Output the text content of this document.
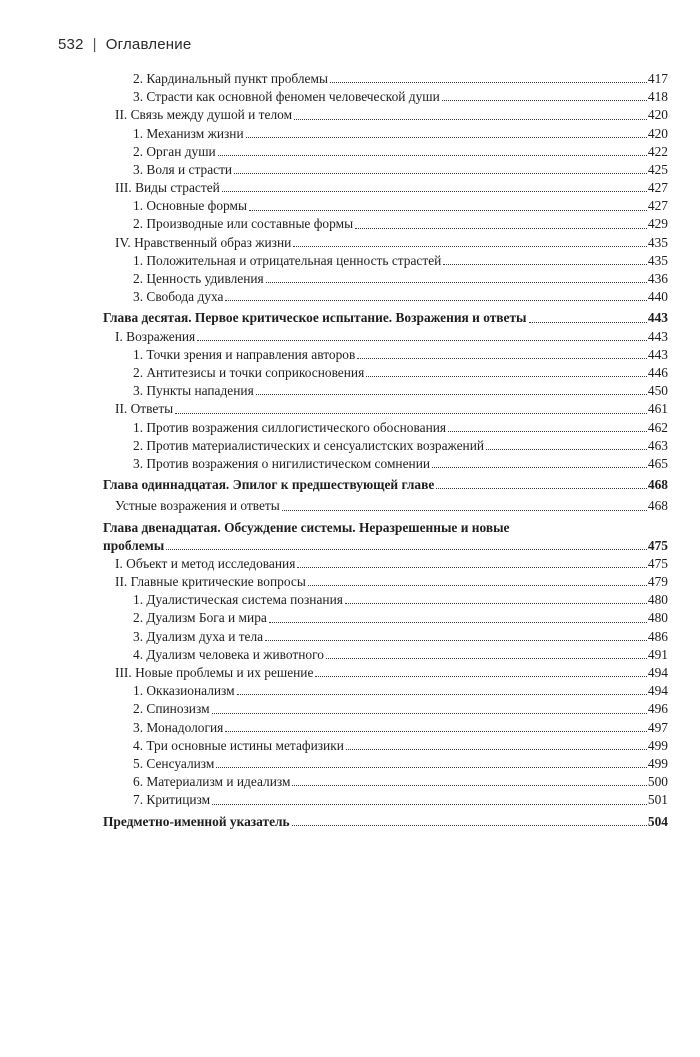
532 | Оглавление
2. Кардинальный пункт проблемы	417
3. Страсти как основной феномен человеческой души	418
II. Связь между душой и телом	420
1. Механизм жизни	420
2. Орган души	422
3. Воля и страсти	425
III. Виды страстей	427
1. Основные формы	427
2. Производные или составные формы	429
IV. Нравственный образ жизни	435
1. Положительная и отрицательная ценность страстей	435
2. Ценность удивления	436
3. Свобода духа	440
Глава десятая. Первое критическое испытание. Возражения и ответы	443
I. Возражения	443
1. Точки зрения и направления авторов	443
2. Антитезисы и точки соприкосновения	446
3. Пункты нападения	450
II. Ответы	461
1. Против возражения силлогистического обоснования	462
2. Против материалистических и сенсуалистских возражений	463
3. Против возражения о нигилистическом сомнении	465
Глава одиннадцатая. Эпилог к предшествующей главе	468
Устные возражения и ответы	468
Глава двенадцатая. Обсуждение системы. Неразрешенные и новые
проблемы	475
I. Объект и метод исследования	475
II. Главные критические вопросы	479
1. Дуалистическая система познания	480
2. Дуализм Бога и мира	480
3. Дуализм духа и тела	486
4. Дуализм человека и животного	491
III. Новые проблемы и их решение	494
1. Окказионализм	494
2. Спинозизм	496
3. Монадология	497
4. Три основные истины метафизики	499
5. Сенсуализм	499
6. Материализм и идеализм	500
7. Критицизм	501
Предметно-именной указатель	504
